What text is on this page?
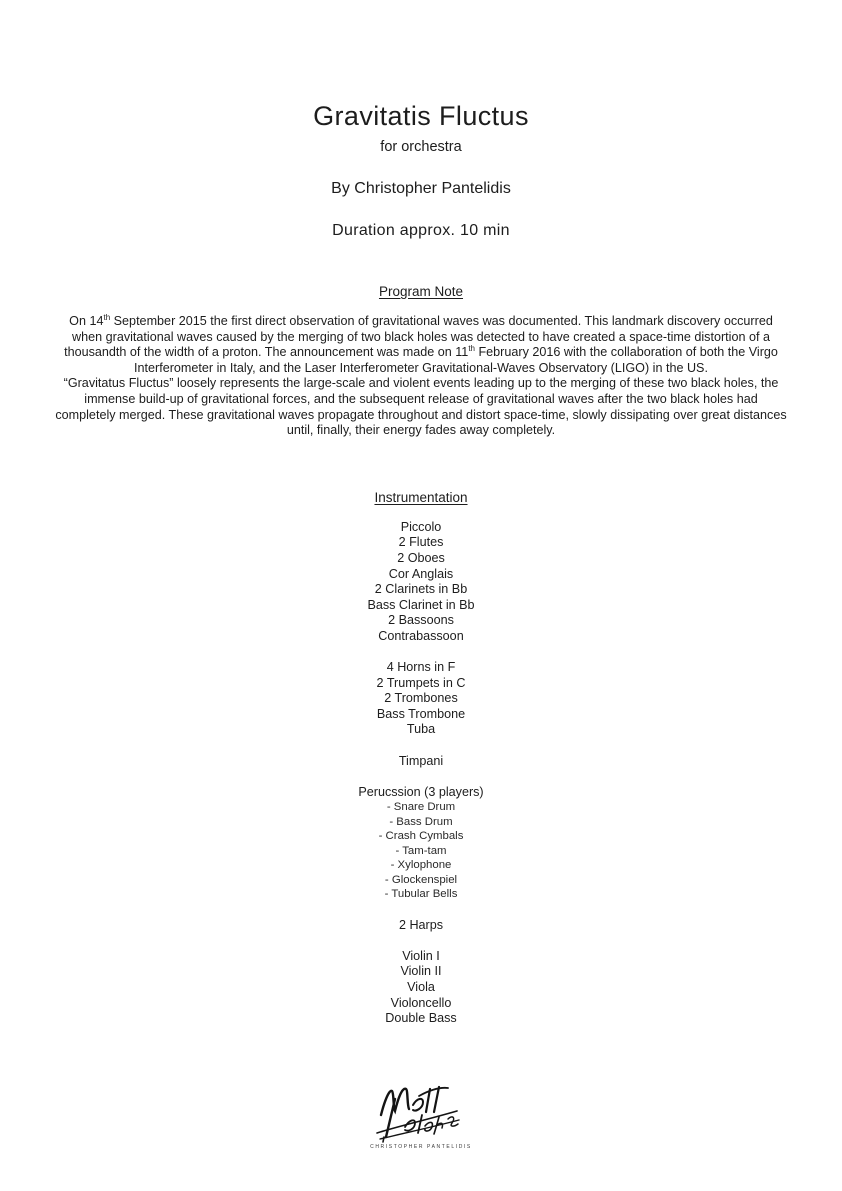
Gravitatis Fluctus
for orchestra
By Christopher Pantelidis
Duration approx. 10 min
Program Note

On 14th September 2015 the first direct observation of gravitational waves was documented. This landmark discovery occurred when gravitational waves caused by the merging of two black holes was detected to have created a space-time distortion of a thousandth of the width of a proton. The announcement was made on 11th February 2016 with the collaboration of both the Virgo Interferometer in Italy, and the Laser Interferometer Gravitational-Waves Observatory (LIGO) in the US.

“Gravitatus Fluctus” loosely represents the large-scale and violent events leading up to the merging of these two black holes, the immense build-up of gravitational forces, and the subsequent release of gravitational waves after the two black holes had completely merged. These gravitational waves propagate throughout and distort space-time, slowly dissipating over great distances until, finally, their energy fades away completely.

Instrumentation
Piccolo
2 Flutes
2 Oboes
Cor Anglais
2 Clarinets in Bb
Bass Clarinet in Bb
2 Bassoons
Contrabassoon
4 Horns in F
2 Trumpets in C
2 Trombones
Bass Trombone
Tuba
Timpani
Perucssion (3 players)
- Snare Drum
- Bass Drum
- Crash Cymbals
- Tam-tam
- Xylophone
- Glockenspiel
- Tubular Bells
2 Harps
Violin I
Violin II
Viola
Violoncello
Double Bass
CHRISTOPHER PANTELIDIS
